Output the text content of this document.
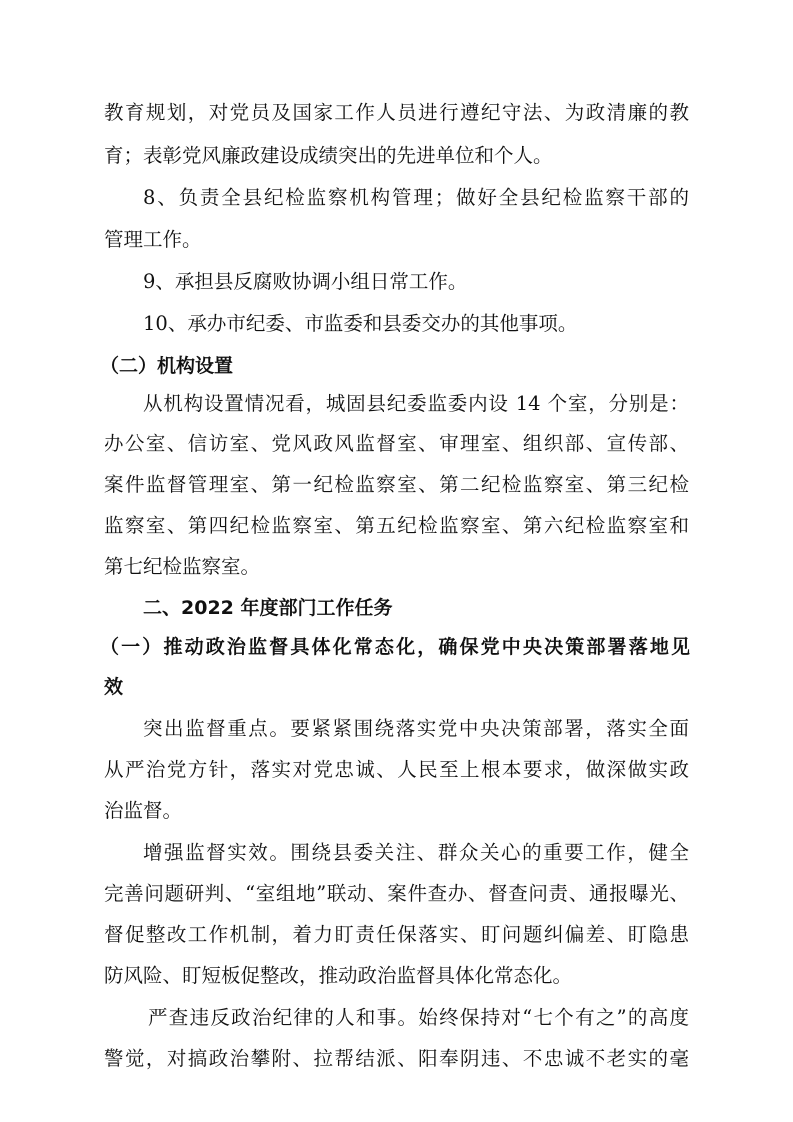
教育规划，对党员及国家工作人员进行遵纪守法、为政清廉的教
育；表彰党风廉政建设成绩突出的先进单位和个人。
8、负责全县纪检监察机构管理；做好全县纪检监察干部的
管理工作。
9、承担县反腐败协调小组日常工作。
10、承办市纪委、市监委和县委交办的其他事项。
（二）机构设置
从机构设置情况看，城固县纪委监委内设 14 个室，分别是：
办公室、信访室、党风政风监督室、审理室、组织部、宣传部、
案件监督管理室、第一纪检监察室、第二纪检监察室、第三纪检
监察室、第四纪检监察室、第五纪检监察室、第六纪检监察室和
第七纪检监察室。
二、2022 年度部门工作任务
（一）推动政治监督具体化常态化，确保党中央决策部署落地见
效
突出监督重点。要紧紧围绕落实党中央决策部署，落实全面
从严治党方针，落实对党忠诚、人民至上根本要求，做深做实政
治监督。
增强监督实效。围绕县委关注、群众关心的重要工作，健全
完善问题研判、“室组地”联动、案件查办、督查问责、通报曝光、
督促整改工作机制，着力盯责任保落实、盯问题纠偏差、盯隐患
防风险、盯短板促整改，推动政治监督具体化常态化。
严查违反政治纪律的人和事。始终保持对“七个有之”的高度
警觉，对搞政治攀附、拉帮结派、阳奉阴违、不忠诚不老实的毫
